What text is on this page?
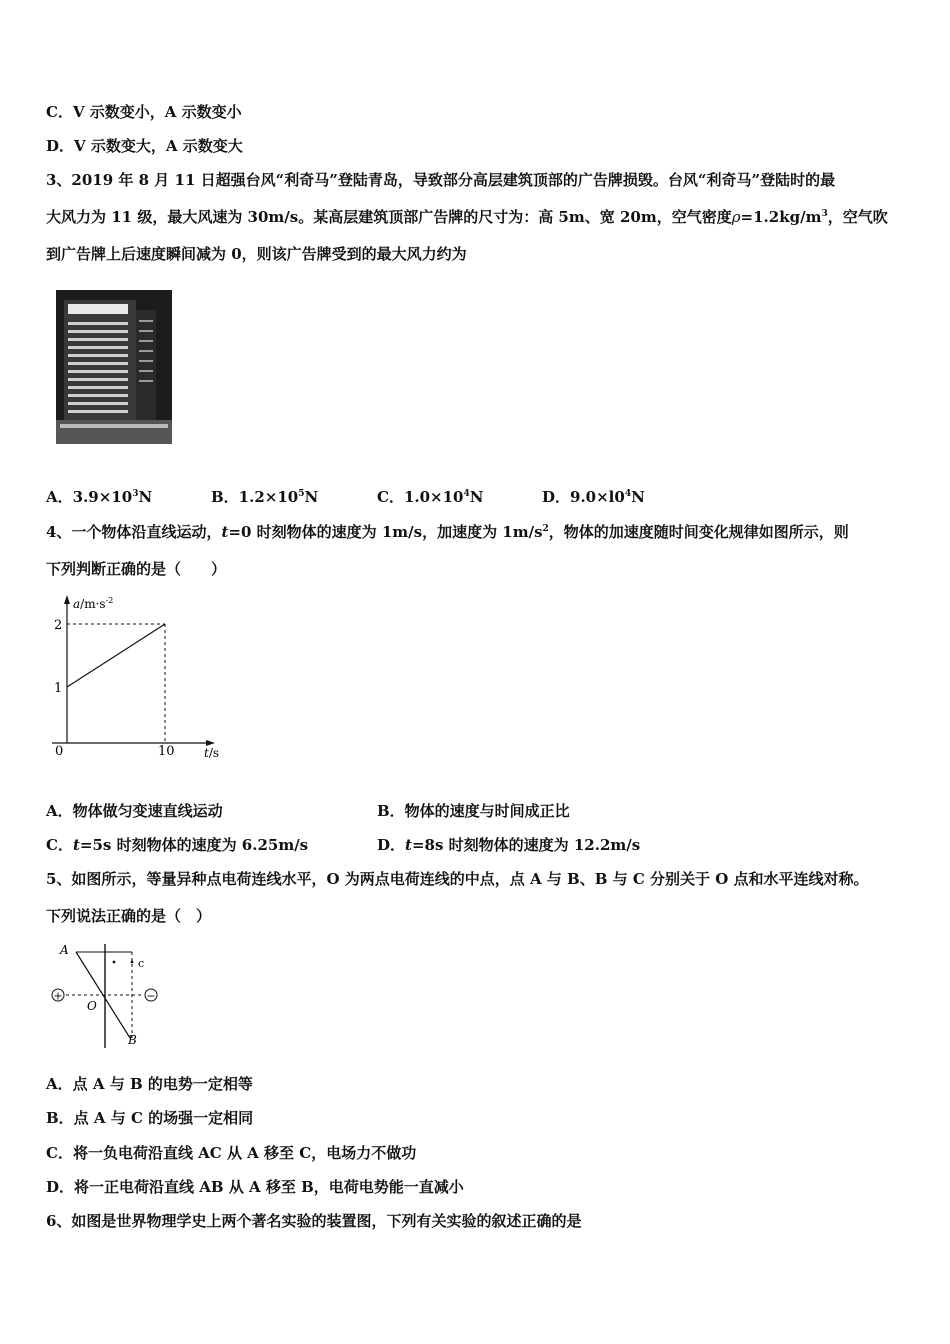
C．V 示数变小，A 示数变小
D．V 示数变大，A 示数变大
3、2019 年 8 月 11 日超强台风“利奇马”登陆青岛，导致部分高层建筑顶部的广告牌损毁。台风“利奇马”登陆时的最
大风力为 11 级，最大风速为 30m/s。某高层建筑顶部广告牌的尺寸为：高 5m、宽 20m，空气密度$\rho=1.2kg/m^3$，空气吹
到广告牌上后速度瞬间减为 0，则该广告牌受到的最大风力约为
A．$3.9\times 10^3N$	B．$1.2\times 10^5N$	C．$1.0\times 10^4N$	D．$9.0\times l0^4N$
4、一个物体沿直线运动，t=0 时刻物体的速度为 1m/s，加速度为 $1m/s^2$，物体的加速度随时间变化规律如图所示，则
下列判断正确的是（　　）
$a/m\cdot s^{-2}$
2
1
0	10 t/s
A．物体做匀变速直线运动	B．物体的速度与时间成正比
C．t=5s 时刻物体的速度为 6.25m/s	D．t=8s 时刻物体的速度为 12.2m/s
5、如图所示，等量异种点电荷连线水平，O 为两点电荷连线的中点，点 A 与 B、B 与 C 分别关于 O 点和水平连线对称。
下列说法正确的是（　）
+	−
A
c
O
B
A．点 A 与 B 的电势一定相等
B．点 A 与 C 的场强一定相同
C．将一负电荷沿直线 AC 从 A 移至 C，电场力不做功
D．将一正电荷沿直线 AB 从 A 移至 B，电荷电势能一直减小
6、如图是世界物理学史上两个著名实验的装置图，下列有关实验的叙述正确的是
